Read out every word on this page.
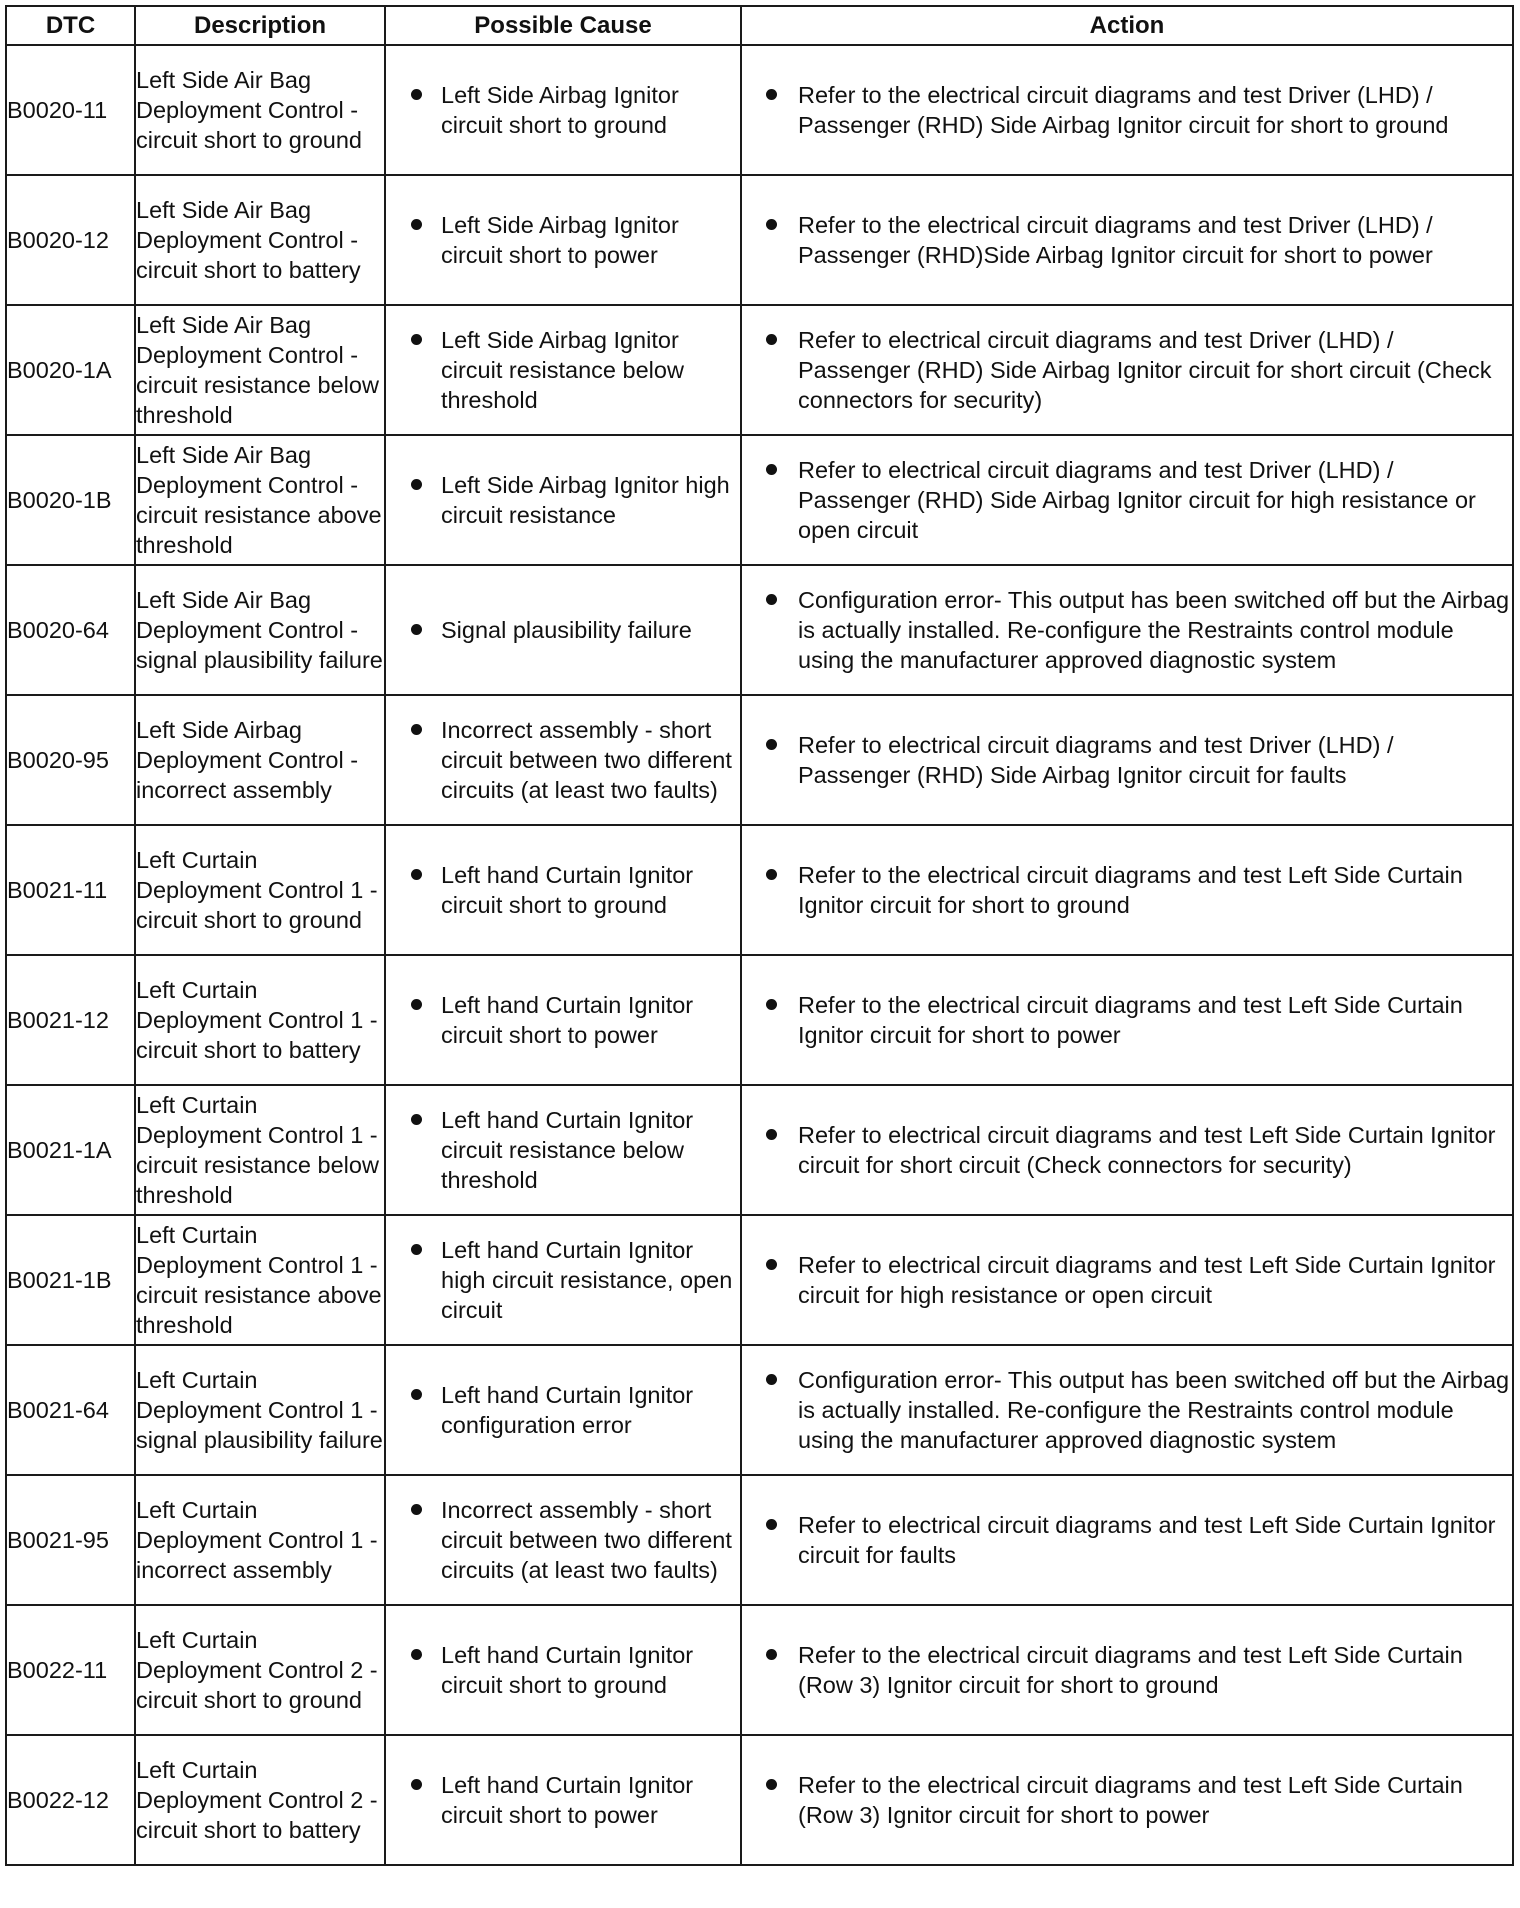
DTC	Description	Possible Cause	Action
B0020-11	Left Side Air Bag Deployment Control - circuit short to ground	Left Side Airbag Ignitor circuit short to ground	Refer to the electrical circuit diagrams and test Driver (LHD) / Passenger (RHD) Side Airbag Ignitor circuit for short to ground

B0020-12	Left Side Air Bag Deployment Control - circuit short to battery	Left Side Airbag Ignitor circuit short to power	Refer to the electrical circuit diagrams and test Driver (LHD) / Passenger (RHD)Side Airbag Ignitor circuit for short to power

B0020-1A	Left Side Air Bag Deployment Control - circuit resistance below threshold	Left Side Airbag Ignitor circuit resistance below threshold	Refer to electrical circuit diagrams and test Driver (LHD) / Passenger (RHD) Side Airbag Ignitor circuit for short circuit (Check connectors for security)

B0020-1B	Left Side Air Bag Deployment Control - circuit resistance above threshold	Left Side Airbag Ignitor high circuit resistance	Refer to electrical circuit diagrams and test Driver (LHD) / Passenger (RHD) Side Airbag Ignitor circuit for high resistance or open circuit

B0020-64	Left Side Air Bag Deployment Control - signal plausibility failure	Signal plausibility failure	Configuration error- This output has been switched off but the Airbag is actually installed. Re-configure the Restraints control module using the manufacturer approved diagnostic system

B0020-95	Left Side Airbag Deployment Control - incorrect assembly	Incorrect assembly - short circuit between two different circuits (at least two faults)	Refer to electrical circuit diagrams and test Driver (LHD) / Passenger (RHD) Side Airbag Ignitor circuit for faults

B0021-11	Left Curtain Deployment Control 1 - circuit short to ground	Left hand Curtain Ignitor circuit short to ground	Refer to the electrical circuit diagrams and test Left Side Curtain Ignitor circuit for short to ground

B0021-12	Left Curtain Deployment Control 1 - circuit short to battery	Left hand Curtain Ignitor circuit short to power	Refer to the electrical circuit diagrams and test Left Side Curtain Ignitor circuit for short to power

B0021-1A	Left Curtain Deployment Control 1 - circuit resistance below threshold	Left hand Curtain Ignitor circuit resistance below threshold	Refer to electrical circuit diagrams and test Left Side Curtain Ignitor circuit for short circuit (Check connectors for security)

B0021-1B	Left Curtain Deployment Control 1 - circuit resistance above threshold	Left hand Curtain Ignitor high circuit resistance, open circuit	Refer to electrical circuit diagrams and test Left Side Curtain Ignitor circuit for high resistance or open circuit

B0021-64	Left Curtain Deployment Control 1 - signal plausibility failure	Left hand Curtain Ignitor configuration error	Configuration error- This output has been switched off but the Airbag is actually installed. Re-configure the Restraints control module using the manufacturer approved diagnostic system

B0021-95	Left Curtain Deployment Control 1 - incorrect assembly	Incorrect assembly - short circuit between two different circuits (at least two faults)	Refer to electrical circuit diagrams and test Left Side Curtain Ignitor circuit for faults

B0022-11	Left Curtain Deployment Control 2 - circuit short to ground	Left hand Curtain Ignitor circuit short to ground	Refer to the electrical circuit diagrams and test Left Side Curtain (Row 3) Ignitor circuit for short to ground

B0022-12	Left Curtain Deployment Control 2 - circuit short to battery	Left hand Curtain Ignitor circuit short to power	Refer to the electrical circuit diagrams and test Left Side Curtain (Row 3) Ignitor circuit for short to power
